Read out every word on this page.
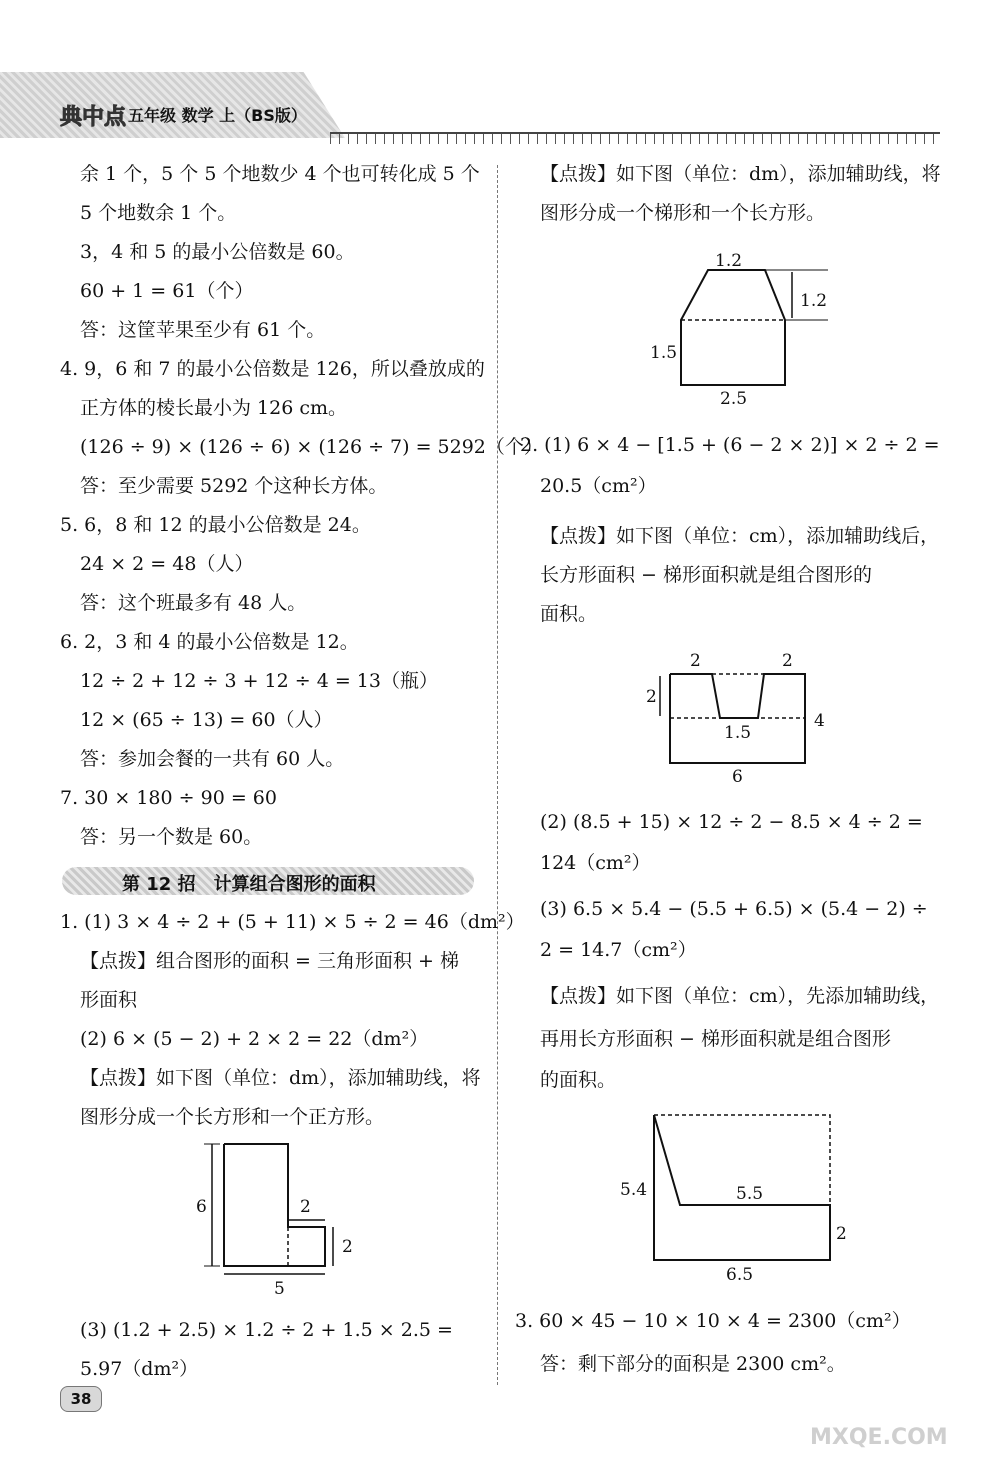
典中点 五年级 数学 上（BS版）
余 1 个，5 个 5 个地数少 4 个也可转化成 5 个
5 个地数余 1 个。
3，4 和 5 的最小公倍数是 60。
60 + 1 = 61（个）
答：这筐苹果至少有 61 个。
4. 9，6 和 7 的最小公倍数是 126，所以叠放成的
正方体的棱长最小为 126 cm。
(126 ÷ 9) × (126 ÷ 6) × (126 ÷ 7) = 5292（个）
答：至少需要 5292 个这种长方体。
5. 6，8 和 12 的最小公倍数是 24。
24 × 2 = 48（人）
答：这个班最多有 48 人。
6. 2，3 和 4 的最小公倍数是 12。
12 ÷ 2 + 12 ÷ 3 + 12 ÷ 4 = 13（瓶）
12 × (65 ÷ 13) = 60（人）
答：参加会餐的一共有 60 人。
7. 30 × 180 ÷ 90 = 60
答：另一个数是 60。
第 12 招　计算组合图形的面积
1. (1) 3 × 4 ÷ 2 + (5 + 11) × 5 ÷ 2 = 46（dm²）
【点拨】组合图形的面积 = 三角形面积 + 梯
形面积
(2) 6 × (5 − 2) + 2 × 2 = 22（dm²）
【点拨】如下图（单位：dm），添加辅助线，将
图形分成一个长方形和一个正方形。
6
5
2
2
(3) (1.2 + 2.5) × 1.2 ÷ 2 + 1.5 × 2.5 =
5.97（dm²）
【点拨】如下图（单位：dm），添加辅助线，将
图形分成一个梯形和一个长方形。
1.2
1.2
1.5
2.5
2. (1) 6 × 4 − [1.5 + (6 − 2 × 2)] × 2 ÷ 2 =
20.5（cm²）
【点拨】如下图（单位：cm），添加辅助线后，
长方形面积 − 梯形面积就是组合图形的
面积。
2	2
2
1.5
4
6
(2) (8.5 + 15) × 12 ÷ 2 − 8.5 × 4 ÷ 2 =
124（cm²）
(3) 6.5 × 5.4 − (5.5 + 6.5) × (5.4 − 2) ÷
2 = 14.7（cm²）
【点拨】如下图（单位：cm），先添加辅助线，
再用长方形面积 − 梯形面积就是组合图形
的面积。
5.4	5.5
2
6.5
3. 60 × 45 − 10 × 10 × 4 = 2300（cm²）
答：剩下部分的面积是 2300 cm²。
38
MXQE.COM
